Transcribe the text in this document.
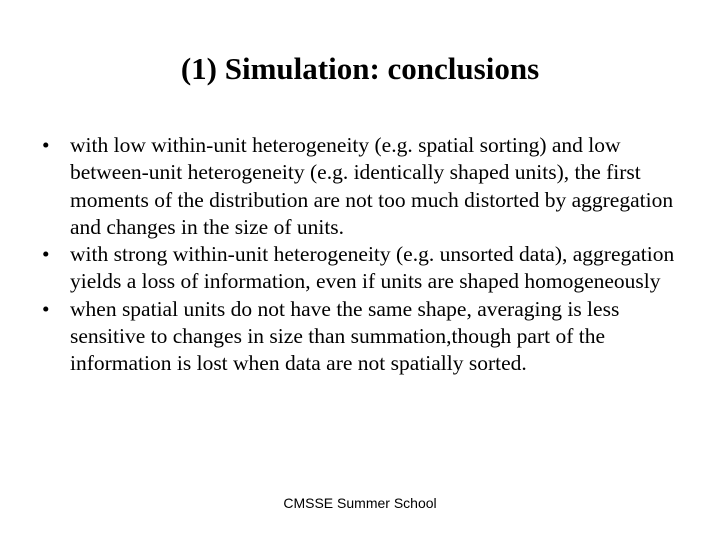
(1) Simulation: conclusions
• with low within-unit heterogeneity (e.g. spatial sorting) and low between-unit heterogeneity (e.g. identically shaped units), the first moments of the distribution are not too much distorted by aggregation and changes in the size of units.
• with strong within-unit heterogeneity (e.g. unsorted data), aggregation yields a loss of information, even if units are shaped homogeneously
• when spatial units do not have the same shape, averaging is less sensitive to changes in size than summation,though part of the information is lost when data are not spatially sorted.
CMSSE Summer School
